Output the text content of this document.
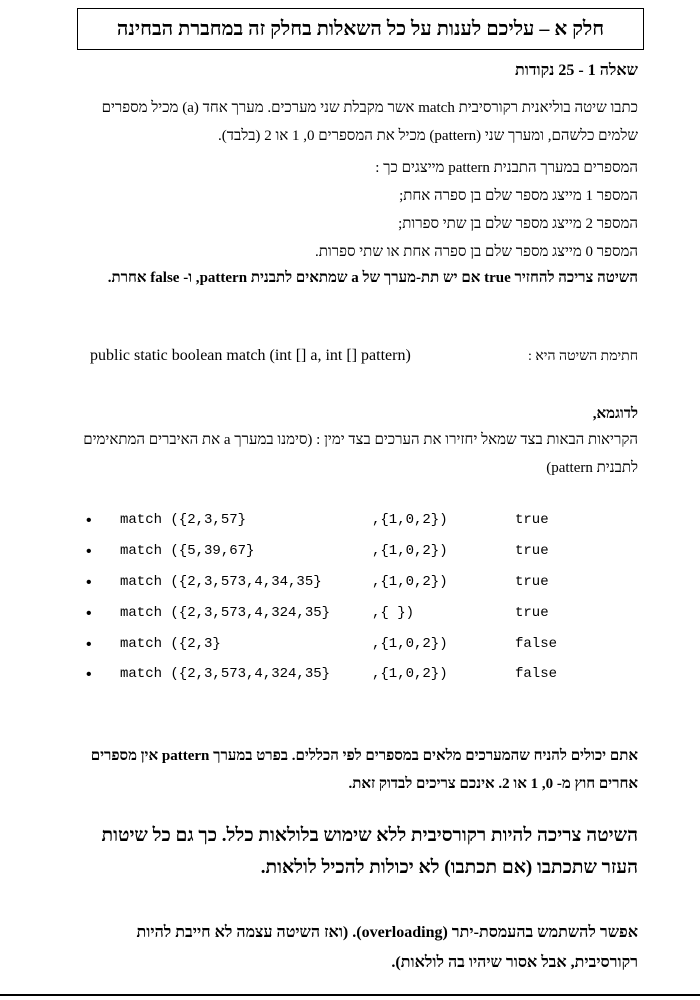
חלק א – עליכם לענות על כל השאלות בחלק זה במחברת הבחינה
שאלה 1 - 25 נקודות
כתבו שיטה בוליאנית רקורסיבית match אשר מקבלת שני מערכים. מערך אחד (a) מכיל מספרים שלמים כלשהם, ומערך שני (pattern) מכיל את המספרים 0, 1 או 2 (בלבד).
המספרים במערך התבנית pattern מייצגים כך :
המספר 1 מייצג מספר שלם בן ספרה אחת;
המספר 2 מייצג מספר שלם בן שתי ספרות;
המספר 0 מייצג מספר שלם בן ספרה אחת או שתי ספרות.
השיטה צריכה להחזיר true אם יש תת-מערך של a שמתאים לתבנית pattern, ו- false אחרת.
חתימת השיטה היא :
public static boolean match (int [] a, int [] pattern)
לדוגמא,
הקריאות הבאות בצד שמאל יחזירו את הערכים בצד ימין : (סימנו במערך a את האיברים המתאימים לתבנית pattern)
• match ({2,3,57}	,{1,0,2})	true
• match ({5,39,67}	,{1,0,2})	true
• match ({2,3,573,4,34,35}	,{1,0,2})	true
• match ({2,3,573,4,324,35}	,{ })	true
• match ({2,3}	,{1,0,2})	false
• match ({2,3,573,4,324,35}	,{1,0,2})	false
אתם יכולים להניח שהמערכים מלאים במספרים לפי הכללים. בפרט במערך pattern אין מספרים אחרים חוץ מ- 0, 1 או 2. אינכם צריכים לבדוק זאת.
השיטה צריכה להיות רקורסיבית ללא שימוש בלולאות כלל. כך גם כל שיטות העזר שתכתבו (אם תכתבו) לא יכולות להכיל לולאות.
אפשר להשתמש בהעמסת-יתר (overloading). (ואז השיטה עצמה לא חייבת להיות רקורסיבית, אבל אסור שיהיו בה לולאות).
